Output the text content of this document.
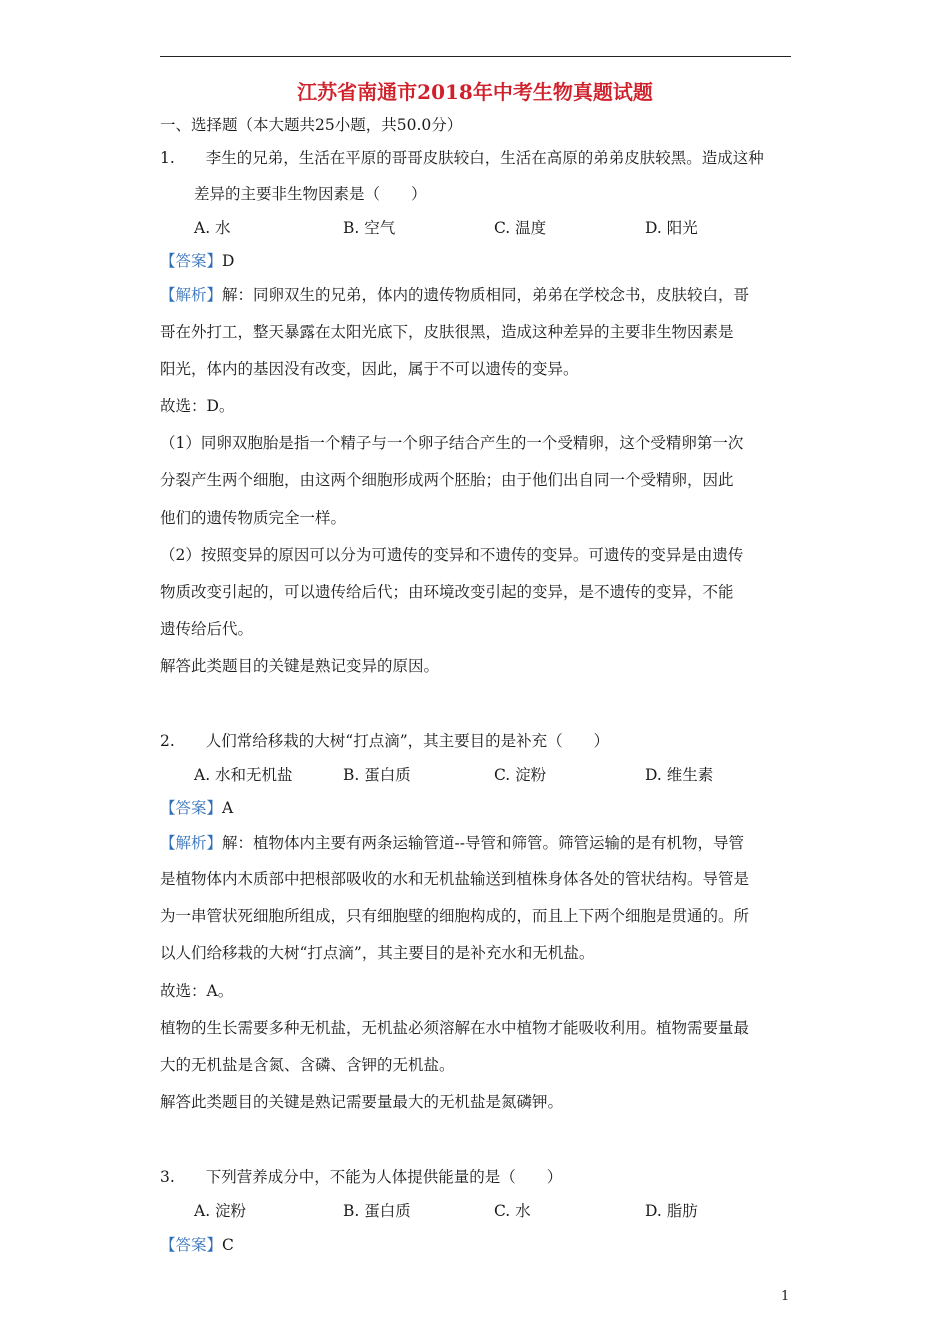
江苏省南通市2018年中考生物真题试题
一、选择题（本大题共25小题，共50.0分）
1.　　李生的兄弟，生活在平原的哥哥皮肤较白，生活在高原的弟弟皮肤较黑。造成这种
差异的主要非生物因素是（　　）
A. 水	B. 空气	C. 温度	D. 阳光
【答案】D
【解析】解：同卵双生的兄弟，体内的遗传物质相同，弟弟在学校念书，皮肤较白，哥
哥在外打工，整天暴露在太阳光底下，皮肤很黑，造成这种差异的主要非生物因素是
阳光，体内的基因没有改变，因此，属于不可以遗传的变异。
故选：D。
（1）同卵双胞胎是指一个精子与一个卵子结合产生的一个受精卵，这个受精卵第一次
分裂产生两个细胞，由这两个细胞形成两个胚胎；由于他们出自同一个受精卵，因此
他们的遗传物质完全一样。
（2）按照变异的原因可以分为可遗传的变异和不遗传的变异。可遗传的变异是由遗传
物质改变引起的，可以遗传给后代；由环境改变引起的变异，是不遗传的变异，不能
遗传给后代。
解答此类题目的关键是熟记变异的原因。
2.　　人们常给移栽的大树“打点滴”，其主要目的是补充（　　）
A. 水和无机盐	B. 蛋白质	C. 淀粉	D. 维生素
【答案】A
【解析】解：植物体内主要有两条运输管道--导管和筛管。筛管运输的是有机物，导管
是植物体内木质部中把根部吸收的水和无机盐输送到植株身体各处的管状结构。导管是
为一串管状死细胞所组成，只有细胞壁的细胞构成的，而且上下两个细胞是贯通的。所
以人们给移栽的大树“打点滴”，其主要目的是补充水和无机盐。
故选：A。
植物的生长需要多种无机盐，无机盐必须溶解在水中植物才能吸收利用。植物需要量最
大的无机盐是含氮、含磷、含钾的无机盐。
解答此类题目的关键是熟记需要量最大的无机盐是氮磷钾。
3.　　下列营养成分中，不能为人体提供能量的是（　　）
A. 淀粉	B. 蛋白质	C. 水	D. 脂肪
【答案】C
1
